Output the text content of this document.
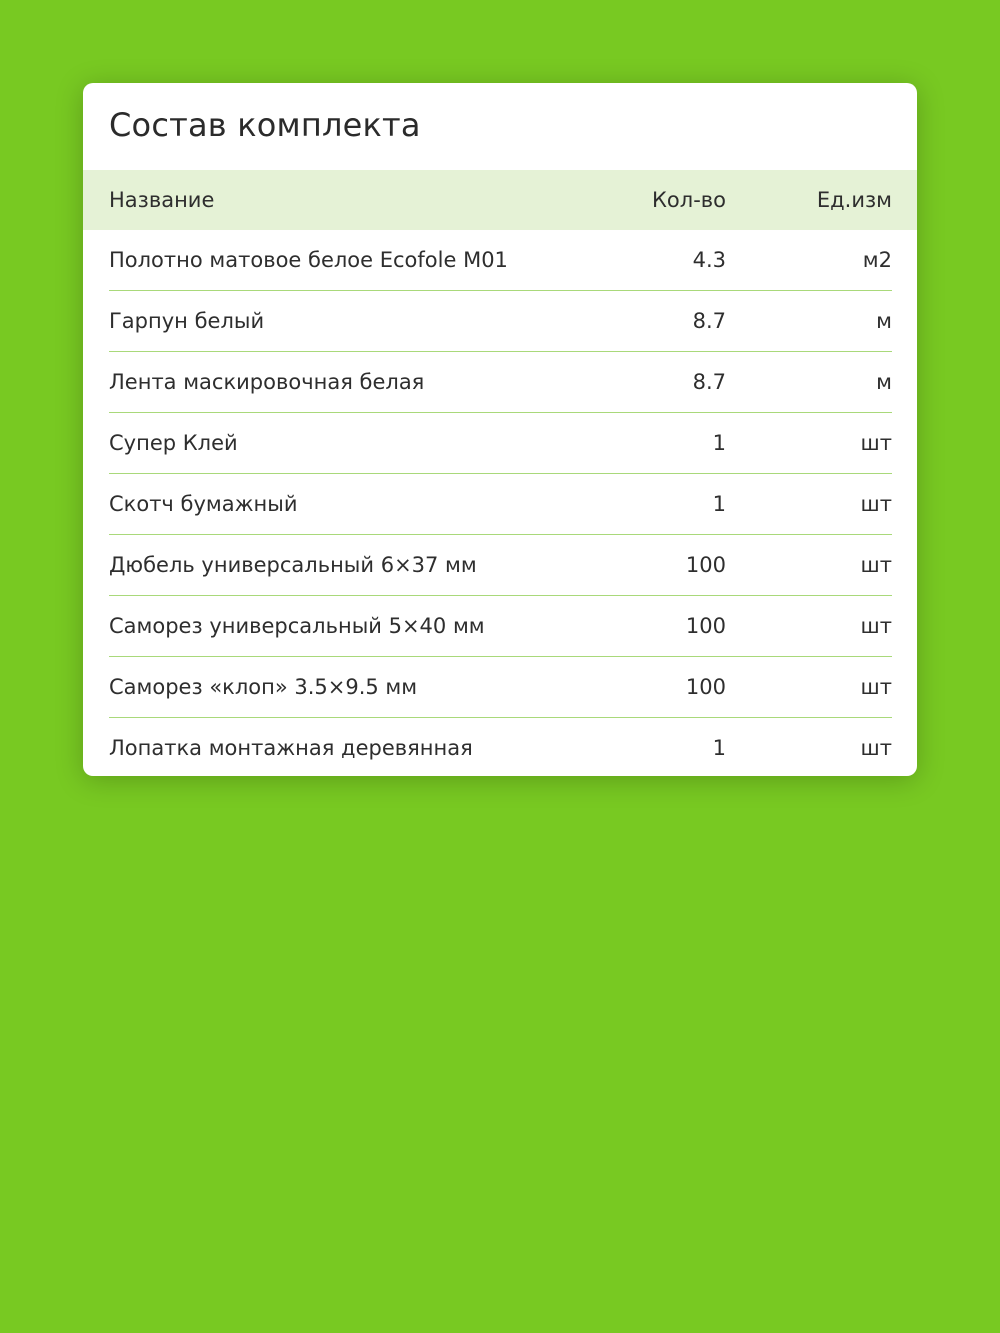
Состав комплекта
Название	Кол-во	Ед.изм
Полотно матовое белое Ecofole M01	4.3	м2
Гарпун белый	8.7	м
Лента маскировочная белая	8.7	м
Супер Клей	1	шт
Скотч бумажный	1	шт
Дюбель универсальный 6×37 мм	100	шт
Саморез универсальный 5×40 мм	100	шт
Саморез «клоп» 3.5×9.5 мм	100	шт
Лопатка монтажная деревянная	1	шт
